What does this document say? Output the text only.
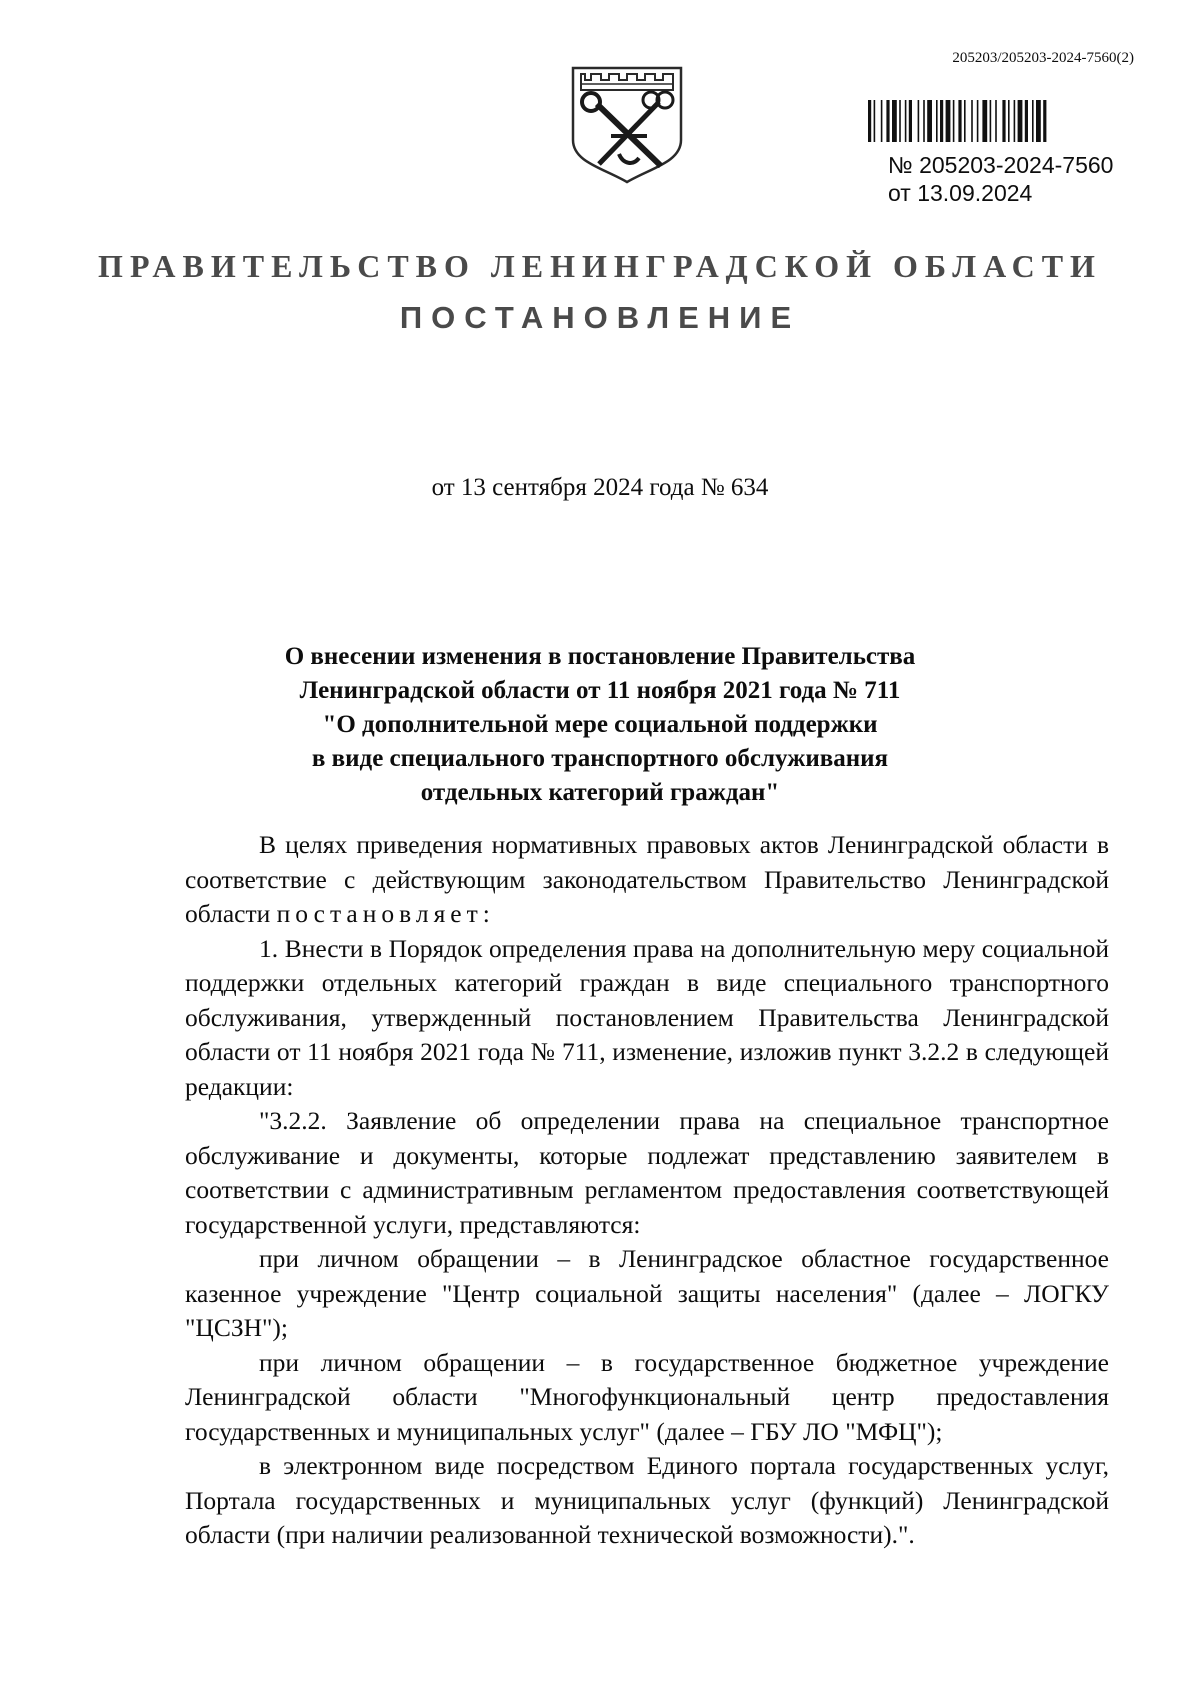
205203/205203-2024-7560(2)
№ 205203-2024-7560
от 13.09.2024
ПРАВИТЕЛЬСТВО ЛЕНИНГРАДСКОЙ ОБЛАСТИ
ПОСТАНОВЛЕНИЕ
от 13 сентября 2024 года № 634
О внесении изменения в постановление Правительства
Ленинградской области от 11 ноября 2021 года № 711
"О дополнительной мере социальной поддержки
в виде специального транспортного обслуживания
отдельных категорий граждан"

В целях приведения нормативных правовых актов Ленинградской области в соответствие с действующим законодательством Правительство Ленинградской области постановляет:

1. Внести в Порядок определения права на дополнительную меру социальной поддержки отдельных категорий граждан в виде специального транспортного обслуживания, утвержденный постановлением Правительства Ленинградской области от 11 ноября 2021 года № 711, изменение, изложив пункт 3.2.2 в следующей редакции:

"3.2.2. Заявление об определении права на специальное транспортное обслуживание и документы, которые подлежат представлению заявителем в соответствии с административным регламентом предоставления соответствующей государственной услуги, представляются:

при личном обращении – в Ленинградское областное государственное казенное учреждение "Центр социальной защиты населения" (далее – ЛОГКУ "ЦСЗН");

при личном обращении – в государственное бюджетное учреждение Ленинградской области "Многофункциональный центр предоставления государственных и муниципальных услуг" (далее – ГБУ ЛО "МФЦ");

в электронном виде посредством Единого портала государственных услуг, Портала государственных и муниципальных услуг (функций) Ленинградской области (при наличии реализованной технической возможности).".
